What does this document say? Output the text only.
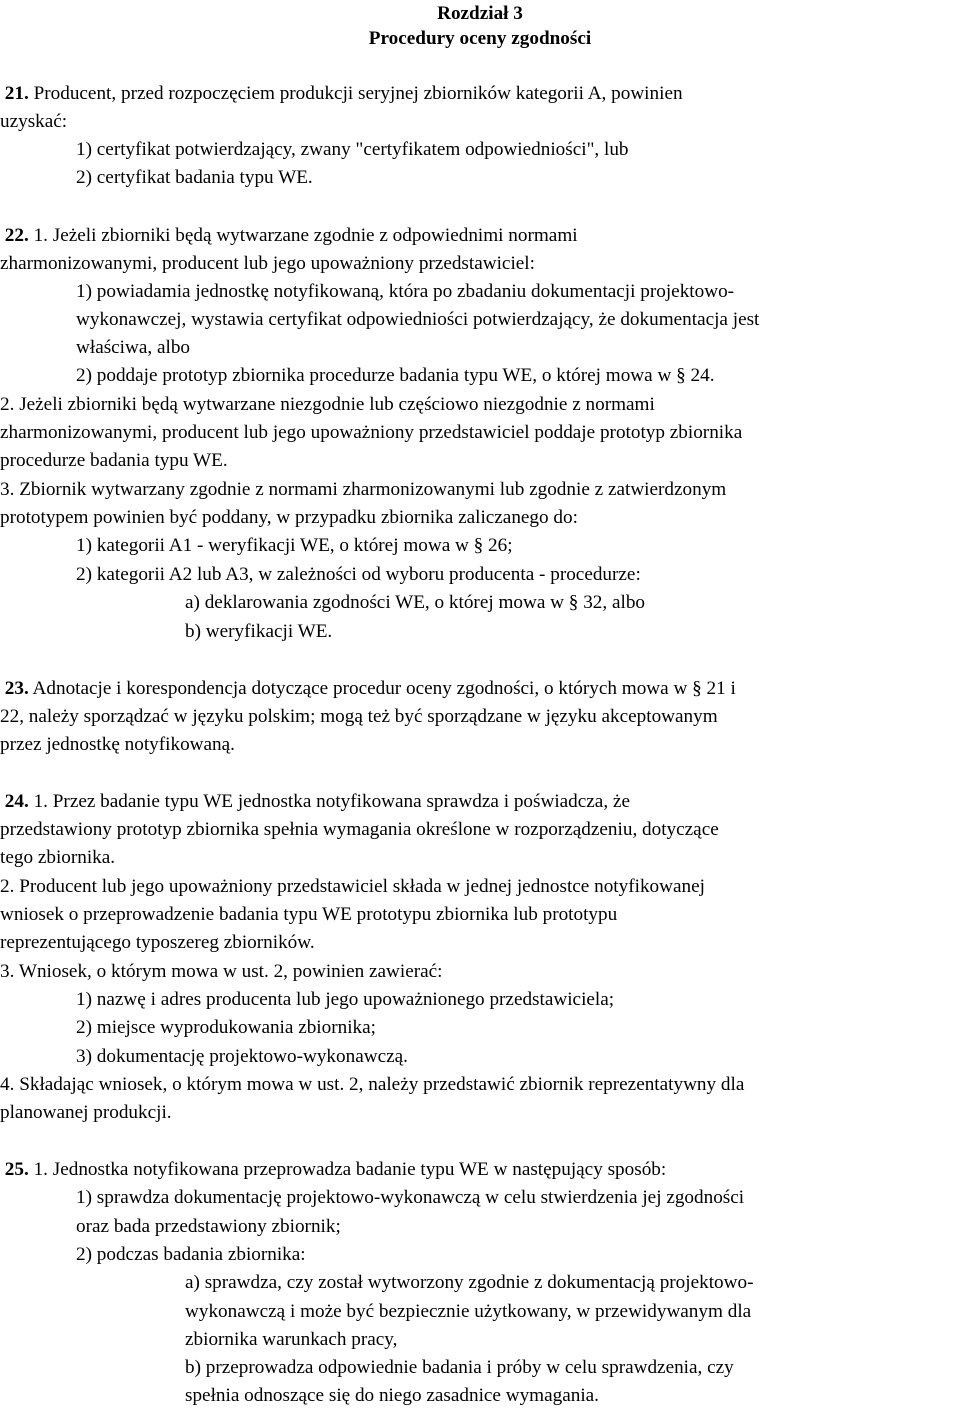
Rozdział 3
Procedury oceny zgodności
21. Producent, przed rozpoczęciem produkcji seryjnej zbiorników kategorii A, powinien
uzyskać:
1) certyfikat potwierdzający, zwany "certyfikatem odpowiedniości", lub
2) certyfikat badania typu WE.
22. 1. Jeżeli zbiorniki będą wytwarzane zgodnie z odpowiednimi normami
zharmonizowanymi, producent lub jego upoważniony przedstawiciel:
1) powiadamia jednostkę notyfikowaną, która po zbadaniu dokumentacji projektowo-
wykonawczej, wystawia certyfikat odpowiedniości potwierdzający, że dokumentacja jest
właściwa, albo
2) poddaje prototyp zbiornika procedurze badania typu WE, o której mowa w § 24.
2. Jeżeli zbiorniki będą wytwarzane niezgodnie lub częściowo niezgodnie z normami
zharmonizowanymi, producent lub jego upoważniony przedstawiciel poddaje prototyp zbiornika
procedurze badania typu WE.
3. Zbiornik wytwarzany zgodnie z normami zharmonizowanymi lub zgodnie z zatwierdzonym
prototypem powinien być poddany, w przypadku zbiornika zaliczanego do:
1) kategorii A1 - weryfikacji WE, o której mowa w § 26;
2) kategorii A2 lub A3, w zależności od wyboru producenta - procedurze:
a) deklarowania zgodności WE, o której mowa w § 32, albo
b) weryfikacji WE.
23. Adnotacje i korespondencja dotyczące procedur oceny zgodności, o których mowa w § 21 i
22, należy sporządzać w języku polskim; mogą też być sporządzane w języku akceptowanym
przez jednostkę notyfikowaną.
24. 1. Przez badanie typu WE jednostka notyfikowana sprawdza i poświadcza, że
przedstawiony prototyp zbiornika spełnia wymagania określone w rozporządzeniu, dotyczące
tego zbiornika.
2. Producent lub jego upoważniony przedstawiciel składa w jednej jednostce notyfikowanej
wniosek o przeprowadzenie badania typu WE prototypu zbiornika lub prototypu
reprezentującego typoszereg zbiorników.
3. Wniosek, o którym mowa w ust. 2, powinien zawierać:
1) nazwę i adres producenta lub jego upoważnionego przedstawiciela;
2) miejsce wyprodukowania zbiornika;
3) dokumentację projektowo-wykonawczą.
4. Składając wniosek, o którym mowa w ust. 2, należy przedstawić zbiornik reprezentatywny dla
planowanej produkcji.
25. 1. Jednostka notyfikowana przeprowadza badanie typu WE w następujący sposób:
1) sprawdza dokumentację projektowo-wykonawczą w celu stwierdzenia jej zgodności
oraz bada przedstawiony zbiornik;
2) podczas badania zbiornika:
a) sprawdza, czy został wytworzony zgodnie z dokumentacją projektowo-
wykonawczą i może być bezpiecznie użytkowany, w przewidywanym dla
zbiornika warunkach pracy,
b) przeprowadza odpowiednie badania i próby w celu sprawdzenia, czy
spełnia odnoszące się do niego zasadnice wymagania.
